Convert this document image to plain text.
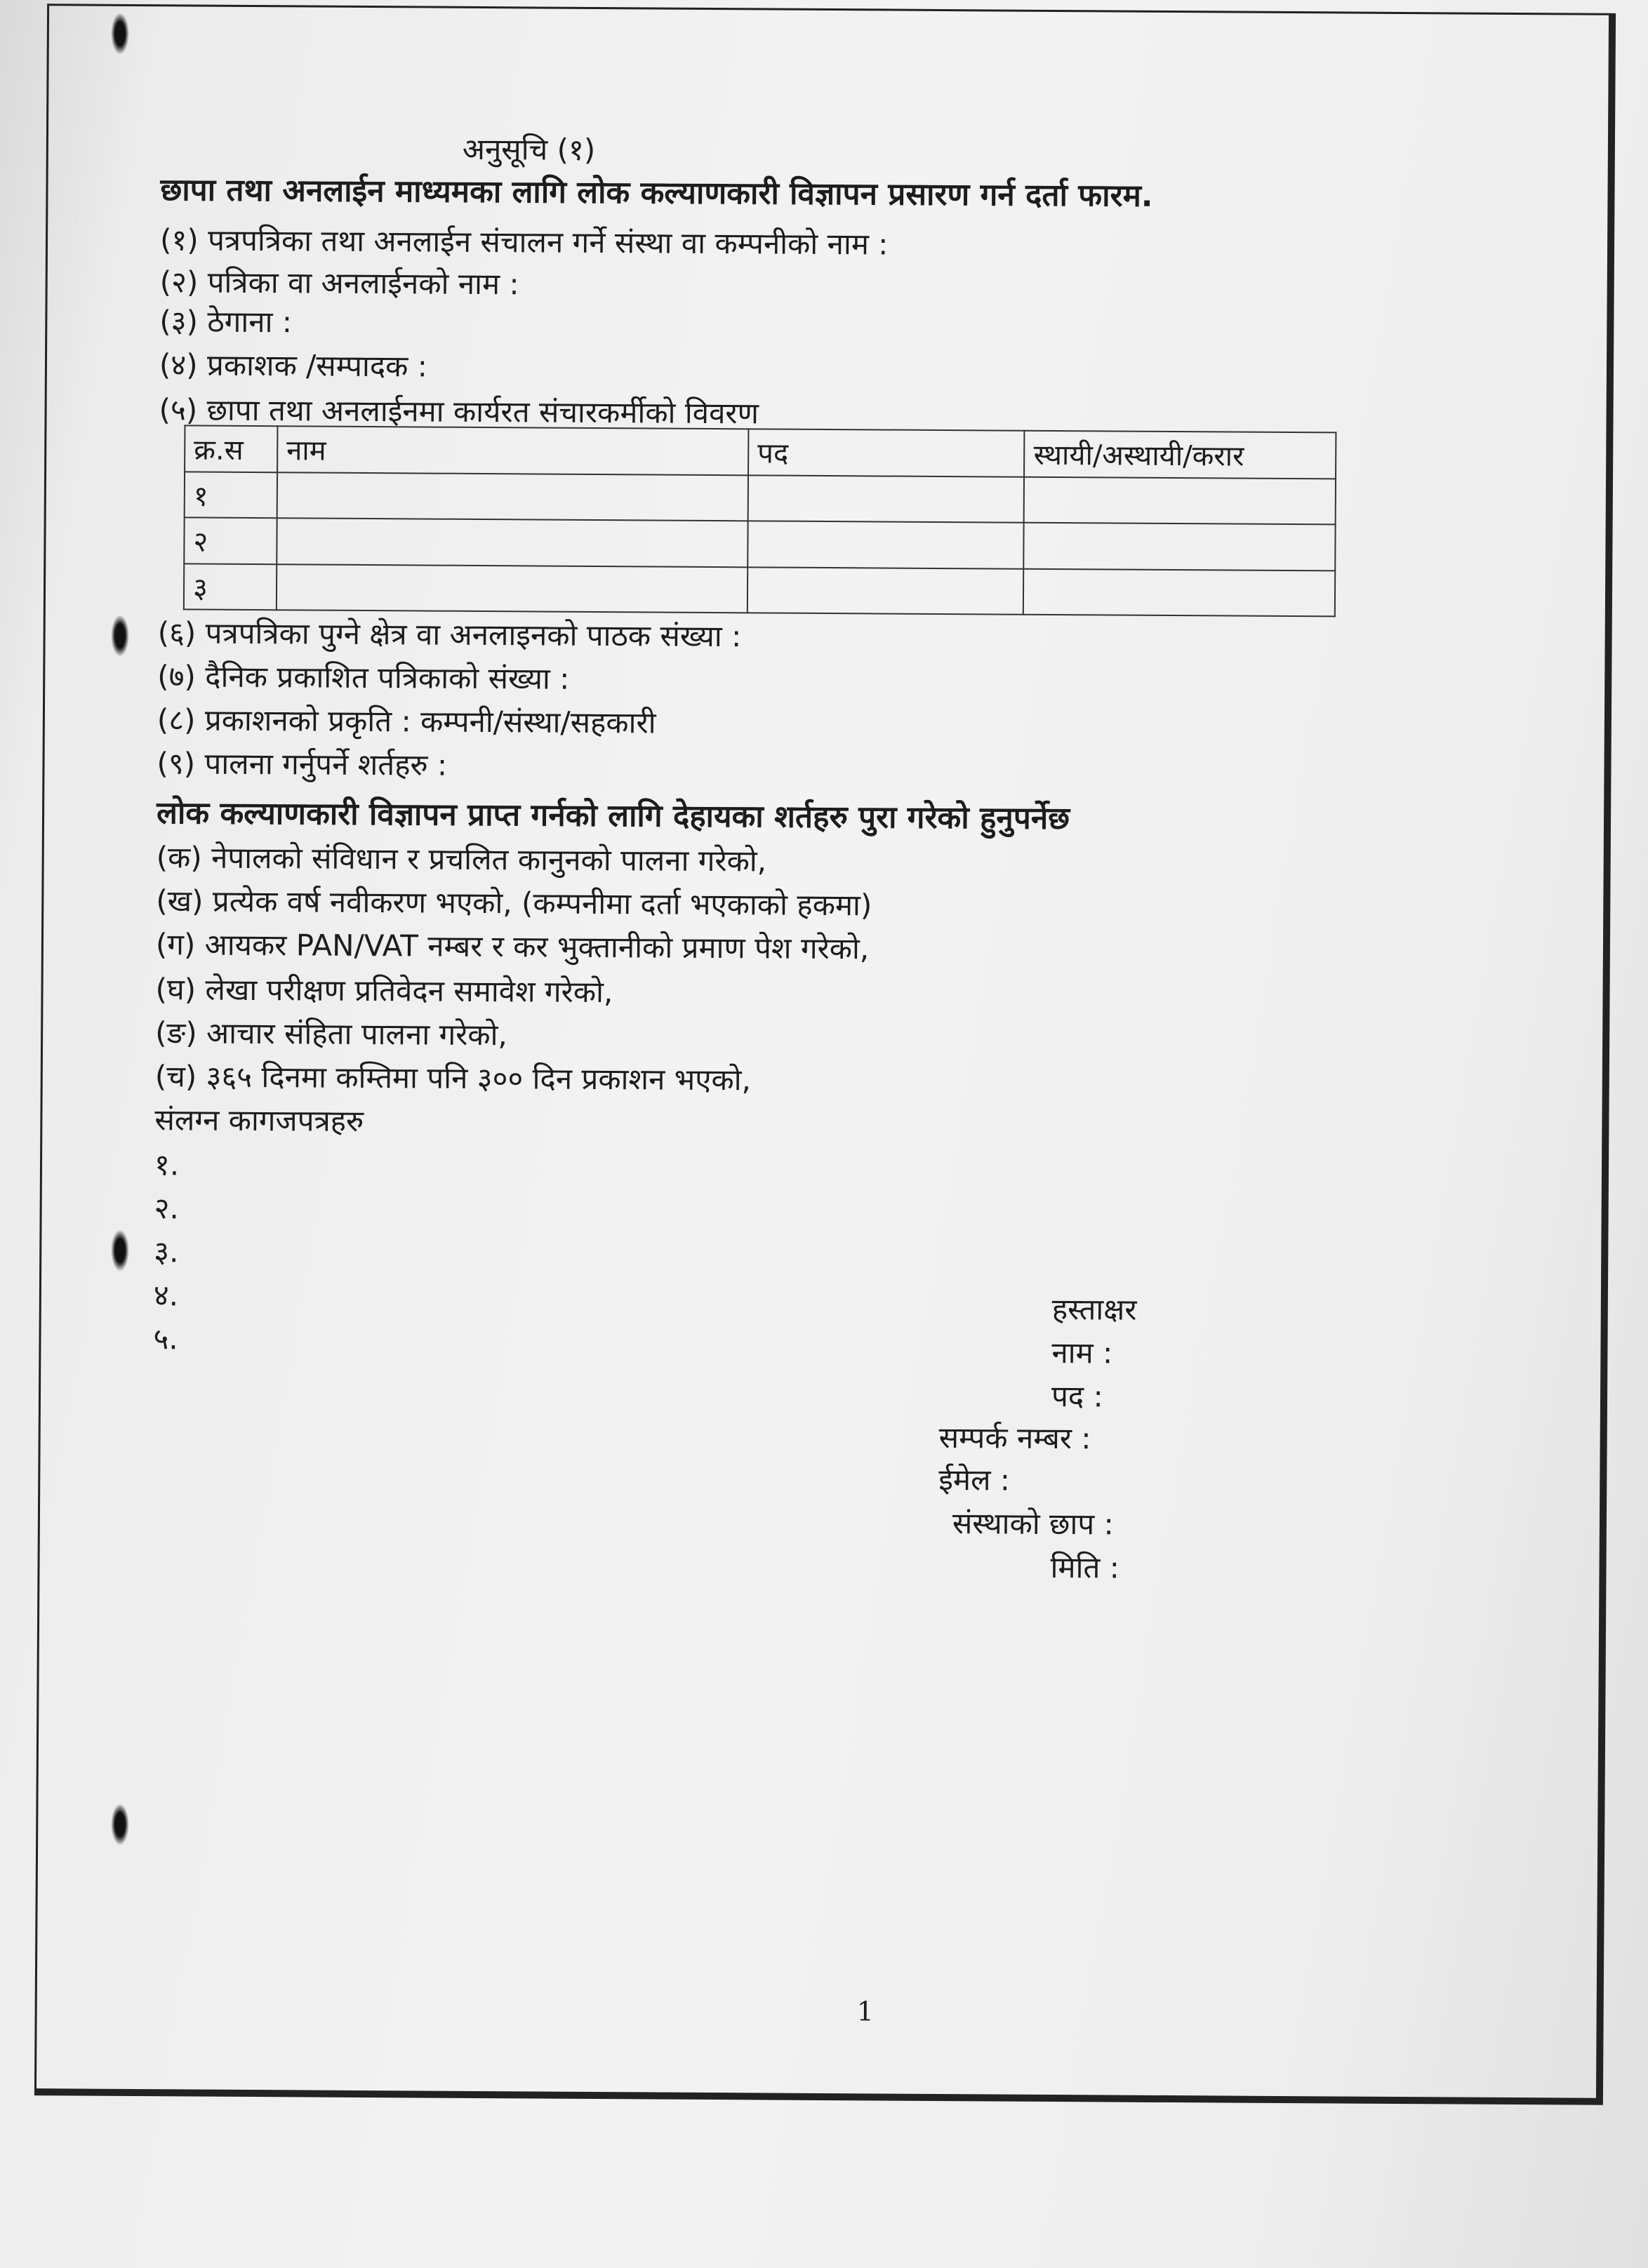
अनुसूचि (१)
छापा तथा अनलाईन माध्यमका लागि लोक कल्याणकारी विज्ञापन प्रसारण गर्न दर्ता फारम.
(१) पत्रपत्रिका तथा अनलाईन संचालन गर्ने संस्था वा कम्पनीको नाम :
(२) पत्रिका वा अनलाईनको नाम :
(३) ठेगाना :
(४) प्रकाशक /सम्पादक :
(५) छापा तथा अनलाईनमा कार्यरत संचारकर्मीको विवरण
क्र.स	नाम	पद	स्थायी/अस्थायी/करार
१			
२			
३			
(६) पत्रपत्रिका पुग्ने क्षेत्र वा अनलाइनको पाठक संख्या :
(७) दैनिक प्रकाशित पत्रिकाको संख्या :
(८) प्रकाशनको प्रकृति : कम्पनी/संस्था/सहकारी
(९) पालना गर्नुपर्ने शर्तहरु :
लोक कल्याणकारी विज्ञापन प्राप्त गर्नको लागि देहायका शर्तहरु पुरा गरेको हुनुपर्नेछ
(क) नेपालको संविधान र प्रचलित कानुनको पालना गरेको,
(ख) प्रत्येक वर्ष नवीकरण भएको, (कम्पनीमा दर्ता भएकाको हकमा)
(ग) आयकर PAN/VAT नम्बर र कर भुक्तानीको प्रमाण पेश गरेको,
(घ) लेखा परीक्षण प्रतिवेदन समावेश गरेको,
(ङ) आचार संहिता पालना गरेको,
(च) ३६५ दिनमा कम्तिमा पनि ३०० दिन प्रकाशन भएको,
संलग्न कागजपत्रहरु
१.
२.
३.
४.
५.
हस्ताक्षर
नाम :
पद :
सम्पर्क नम्बर :
ईमेल :
संस्थाको छाप :
मिति :
1
